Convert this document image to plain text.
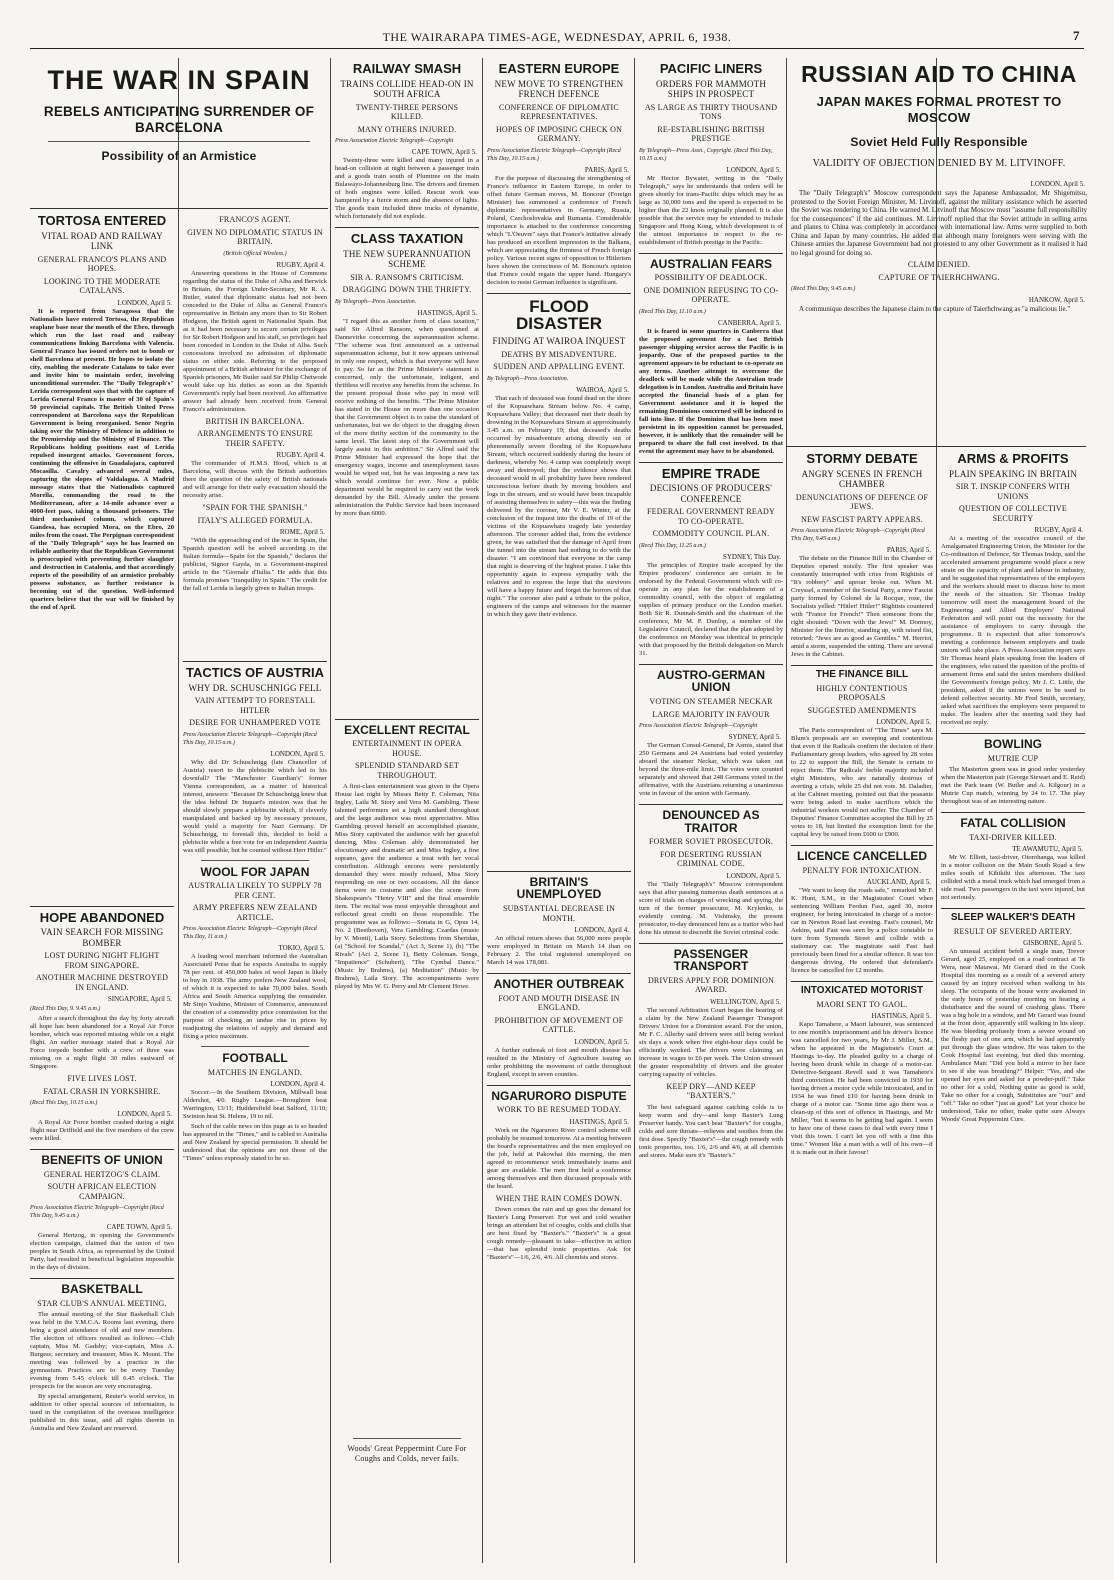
THE WAIRARAPA TIMES-AGE, WEDNESDAY, APRIL 6, 1938.	7
THE WAR IN SPAIN
REBELS ANTICIPATING SURRENDER OF BARCELONA
Possibility of an Armistice
TORTOSA ENTERED
VITAL ROAD AND RAILWAY LINK
GENERAL FRANCO'S PLANS AND HOPES.
LOOKING TO THE MODERATE CATALANS.
LONDON, April 5.

It is reported from Saragossa that the Nationalists have entered Tortosa, the Republican seaplane base near the mouth of the Ebro, through which run the last road and railway communications linking Barcelona with Valencia. General Franco has issued orders not to bomb or shell Barcelona at present. He hopes to isolate the city, enabling the moderate Catalans to take over and invite him to maintain order, involving unconditional surrender. The "Daily Telegraph's" Lerida correspondent says that with the capture of Lerida General Franco is master of 30 of Spain's 50 provincial capitals. The British United Press correspondent at Barcelona says the Republican Government is being reorganised. Senor Negrin taking over the Ministry of Defence in addition to the Premiership and the Ministry of Finance. The Republicans holding positions east of Lerida repulsed insurgent attacks. Government forces, continuing the offensive in Guadalajara, captured Mocasilla. Cavalry advanced several miles, capturing the slopes of Valdalagua. A Madrid message states that the Nationalists captured Morella, commanding the road to the Mediterranean, after a 14-mile advance over a 4000-feet pass, taking a thousand prisoners. The third mechanised column, which captured Gandesa, has occupied Mora, on the Ebro, 20 miles from the coast. The Perpignan correspondent of the "Daily Telegraph" says he has learned on reliable authority that the Republican Government is preoccupied with preventing further slaughter and destruction in Catalonia, and that accordingly reports of the possibility of an armistice probably possess substance, as further resistance is becoming out of the question. Well-informed quarters believe that the war will be finished by the end of April.

HOPE ABANDONED
VAIN SEARCH FOR MISSING BOMBER
LOST DURING NIGHT FLIGHT FROM SINGAPORE.
ANOTHER MACHINE DESTROYED IN ENGLAND.
SINGAPORE, April 5.
(Recd This Day, 9. 9.45 a.m.)

After a search throughout the day by forty aircraft all hope has been abandoned for a Royal Air Force bomber, which was reported missing while on a night flight. An earlier message stated that a Royal Air Force torpedo bomber with a crew of three was missing on a night flight 30 miles eastward of Singapore.

FIVE LIVES LOST.
FATAL CRASH IN YORKSHIRE.
(Recd This Day, 10.15 a.m.)
LONDON, April 5.

A Royal Air Force bomber crashed during a night flight near Driffield and the five members of the crew were killed.

BENEFITS OF UNION
GENERAL HERTZOG'S CLAIM.
SOUTH AFRICAN ELECTION CAMPAIGN.
Press Association Electric Telegraph—Copyright (Recd This Day, 9.45 a.m.)
CAPE TOWN, April 5.

General Hertzog, in opening the Government's election campaign, claimed that the union of two peoples in South Africa, as represented by the United Party, had resulted in beneficial legislation impossible in the days of division.

BASKETBALL
STAR CLUB'S ANNUAL MEETING.

The annual meeting of the Star Basketball Club was held in the Y.M.C.A. Rooms last evening, there being a good attendance of old and new members. The election of officers resulted as follows:—Club captain, Miss M. Gadsby; vice-captain, Miss A. Burgess; secretary and treasurer, Miss K. Mount. The meeting was followed by a practice in the gymnasium. Practices are to be every Tuesday evening from 5.45 o'clock till 6.45 o'clock. The prospects for the season are very encouraging.

By special arrangement, Reuter's world service, in addition to other special sources of information, is used in the compilation of the overseas intelligence published in this issue, and all rights therein in Australia and New Zealand are reserved.

FRANCO'S AGENT.
GIVEN NO DIPLOMATIC STATUS IN BRITAIN.
(British Official Wireless.)
RUGBY, April 4.

Answering questions in the House of Commons regarding the status of the Duke of Alba and Berwick in Britain, the Foreign Under-Secretary, Mr R. A. Butler, stated that diplomatic status had not been conceded to the Duke of Alba as General Franco's representative in Britain any more than to Sir Robert Hodgson, the British agent in Nationalist Spain. But as it had been necessary to secure certain privileges for Sir Robert Hodgson and his staff, so privileges had been conceded in London to the Duke of Alba. Such concessions involved no admission of diplomatic status on either side. Referring to the proposed appointment of a British arbitrator for the exchange of Spanish prisoners, Mr Butler said Sir Philip Chetwode would take up his duties as soon as the Spanish Government's reply had been received. An affirmative answer had already been received from General Franco's administration.

BRITISH IN BARCELONA.
ARRANGEMENTS TO ENSURE THEIR SAFETY.
RUGBY, April 4.

The commander of H.M.S. Hood, which is at Barcelona, will discuss with the British authorities there the question of the safety of British nationals and will arrange for their early evacuation should the necessity arise.

"SPAIN FOR THE SPANISH."
ITALY'S ALLEGED FORMULA.
ROME, April 5.

"With the approaching end of the war in Spain, the Spanish question will be solved according to the Italian formula—Spain for the Spanish," declares the publicist, Signor Gayda, in a Government-inspired article in the "Giornale d'Italia." He adds that this formula promises "tranquility in Spain." The credit for the fall of Lerida is largely given to Italian troops.

TACTICS OF AUSTRIA
WHY DR. SCHUSCHNIGG FELL
VAIN ATTEMPT TO FORESTALL HITLER
DESIRE FOR UNHAMPERED VOTE
Press Association Electric Telegraph—Copyright (Recd This Day, 10.15 a.m.)
LONDON, April 5.

Why did Dr Schuschnigg (late Chancellor of Austria) resort to the plebiscite which led to his downfall? The "Manchester Guardian's" former Vienna correspondent, as a matter of historical interest, answers: "Because Dr Schuschnigg knew that the idea behind Dr Inquart's mission was that he should slowly prepare a plebiscite which, if cleverly manipulated and backed up by necessary pressure, would yield a majority for Nazi Germany. Dr Schuschnigg, to forestall this, decided to hold a plebiscite while a free vote for an independent Austria was still possible, but he counted without Herr Hitler."

WOOL FOR JAPAN
AUSTRALIA LIKELY TO SUPPLY 78 PER CENT.
ARMY PREFERS NEW ZEALAND ARTICLE.
Press Association Electric Telegraph—Copyright (Recd This Day, 11 a.m.)
TOKIO, April 5.

A leading wool merchant informed the Australian Associated Press that he expects Australia to supply 78 per cent. of 450,000 bales of wool Japan is likely to buy in 1938. The army prefers New Zealand wool, of which it is expected to take 70,000 bales. South Africa and South America supplying the remainder. Mr Sinjo Yoshino, Minister of Commerce, announced the creation of a commodity price commission for the purpose of checking an undue rise in prices by readjusting the relations of supply and demand and fixing a price maximum.

FOOTBALL
MATCHES IN ENGLAND.
LONDON, April 4.

Soccer.—In the Southern Division, Millwall beat Aldershot, 4/0. Rugby League.—Broughton beat Warrington, 13/11; Huddersfield beat Salford, 11/10; Swinton beat St. Helens, 19 to nil.

Such of the cable news on this page as is so headed has appeared in the "Times," and is cabled to Australia and New Zealand by special permission. It should be understood that the opinions are not those of the "Times" unless expressly stated to be so.

RAILWAY SMASH
TRAINS COLLIDE HEAD-ON IN SOUTH AFRICA
TWENTY-THREE PERSONS KILLED.
MANY OTHERS INJURED.
Press Association Electric Telegraph—Copyright
CAPE TOWN, April 5.

Twenty-three were killed and many injured in a head-on collision at night between a passenger train and a goods train south of Plumtree on the main Bulawayo-Johannesburg line. The drivers and firemen of both engines were killed. Rescue work was hampered by a fierce storm and the absence of lights. The goods train included three trucks of dynamite, which fortunately did not explode.

CLASS TAXATION
THE NEW SUPERANNUATION SCHEME
SIR A. RANSOM'S CRITICISM.
DRAGGING DOWN THE THRIFTY.
By Telegraph—Press Association.
HASTINGS, April 5.

"I regard this as another form of class taxation," said Sir Alfred Ransom, when questioned at Dannevirke concerning the superannuation scheme. "The scheme was first announced as a universal superannuation scheme, but it now appears universal in only one respect, which is that everyone will have to pay. So far as the Prime Minister's statement is concerned, only the unfortunate, indigent, and thriftless will receive any benefits from the scheme. In the present proposal those who pay in most will receive nothing of the benefits. "The Prime Minister has stated in the House on more than one occasion that the Government object is to raise the standard of unfortunates, but we do object to the dragging down of the more thrifty section of the community to the same level. The latest step of the Government will largely assist in this ambition." Sir Alfred said the Prime Minister had expressed the hope that the emergency wages, income and unemployment taxes would be wiped out, but he was imposing a new tax which would continue for ever. Now a public department would be required to carry out the work demanded by the Bill. Already under the present administration the Public Service had been increased by more than 6000.

EXCELLENT RECITAL
ENTERTAINMENT IN OPERA HOUSE.
SPLENDID STANDARD SET THROUGHOUT.

A first-class entertainment was given in the Opera House last night by Misses Betty F. Coleman, Nita Ingley, Laila M. Story and Vera M. Gambling. These talented performers set a high standard throughout and the large audience was most appreciative. Miss Gambling proved herself an accomplished pianiste, Miss Story captivated the audience with her graceful dancing, Miss Coleman ably demonstrated her elocutionary and dramatic art and Miss Ingley, a fine soprano, gave the audience a treat with her vocal contribution. Although encores were persistently demanded they were mostly refused, Miss Story responding on one or two occasions. All the dance items were in costume and also the scene from Shakespeare's "Henry VIII" and the final ensemble item. The recital was most enjoyable throughout and reflected great credit on those responsible. The programme was as follows:—Sonata in G, Opus 14, No. 2 (Beethoven), Vera Gambling; Czardas (music by V. Monti), Laila Story. Selections from Sheridan, (a) "School for Scandal," (Act 3, Scene 1), (b) "The Rivals" (Act 2, Scene 1), Betty Coleman. Songs, "Impatience" (Schubert), "The Cymbal Dance." (Music by Brahms), (a) Meditation" (Music by Brahms), Laila Story. The accompaniments were played by Mrs W. G. Perry and Mr Clement Howe.

Woods' Great Peppermint Cure For Coughs and Colds, never fails.
EASTERN EUROPE
NEW MOVE TO STRENGTHEN FRENCH DEFENCE
CONFERENCE OF DIPLOMATIC REPRESENTATIVES.
HOPES OF IMPOSING CHECK ON GERMANY.
Press Association Electric Telegraph—Copyright (Recd This Day, 10.15 a.m.)
PARIS, April 5.

For the purpose of discussing the strengthening of France's influence in Eastern Europe, in order to offset future German moves, M. Boncour (Foreign Minister) has summoned a conference of French diplomatic representatives in Germany, Russia, Poland, Czechoslovakia and Rumania. Considerable importance is attached to the conference concerning which "L'Oeuvre" says that France's initiative already has produced an excellent impression in the Balkans, which are appreciating the firmness of French foreign policy. Various recent signs of opposition to Hitlerism have shown the correctness of M. Boncour's opinion that France could regain the upper hand. Hungary's decision to resist German influence is significant.

FLOOD DISASTER
FINDING AT WAIROA INQUEST
DEATHS BY MISADVENTURE.
SUDDEN AND APPALLING EVENT.
By Telegraph—Press Association.
WAIROA, April 5.

That each of deceased was found dead on the shore of the Kopuawhara Stream below No. 4 camp, Kopuawhara Valley; that deceased met their death by drowning in the Kopuawhara Stream at approximately 3.45 a.m. on February 19; that deceased's deaths occurred by misadventure arising directly out of phenomenally severe flooding of the Kopuawhara Stream, which occurred suddenly during the hours of darkness, whereby No. 4 camp was completely swept away and destroyed; that the evidence shows that deceased would in all probability have been rendered unconscious before death by moving boulders and logs in the stream, and so would have been incapable of assisting themselves to safety—this was the finding delivered by the coroner, Mr V. E. Winter, at the conclusion of the inquest into the deaths of 19 of the victims of the Kopuawhara tragedy late yesterday afternoon. The coroner added that, from the evidence given, he was satisfied that the damage of April from the tunnel into the stream had nothing to do with the disaster. "I am convinced that everyone in the camp that night is deserving of the highest praise. I take this opportunity again to express sympathy with the relatives and to express the hope that the survivors will have a happy future and forget the horrors of that night." The coroner also paid a tribute to the police, engineers of the camps and witnesses for the manner in which they gave their evidence.

BRITAIN'S UNEMPLOYED
SUBSTANTIAL DECREASE IN MONTH.
LONDON, April 4.

An official return shows that 56,000 more people were employed in Britain on March 14 than on February 2. The total registered unemployed on March 14 was 178,081.

ANOTHER OUTBREAK
FOOT AND MOUTH DISEASE IN ENGLAND.
PROHIBITION OF MOVEMENT OF CATTLE.
LONDON, April 5.

A further outbreak of foot and mouth disease has resulted in the Ministry of Agriculture issuing an order prohibiting the movement of cattle throughout England, except in seven counties.

NGARURORO DISPUTE
WORK TO BE RESUMED TODAY.
HASTINGS, April 5.

Work on the Ngaruroro River control scheme will probably be resumed tomorrow. At a meeting between the board's representatives and the men employed on the job, held at Pakowhai this morning, the men agreed to recommence work immediately teams and gear are available. The men first held a conference among themselves and then discussed proposals with the board.

WHEN THE RAIN COMES DOWN.

Down comes the rain and up goes the demand for Baxter's Lung Preserver. For wet and cold weather brings an attendant list of coughs, colds and chills that are best fixed by "Baxter's." "Baxter's" is a great cough remedy—pleasant to take—effective in action—that has splendid tonic properties. Ask for "Baxter's"—1/6, 2/6, 4/6. All chemists and stores.

PACIFIC LINERS
ORDERS FOR MAMMOTH SHIPS IN PROSPECT
AS LARGE AS THIRTY THOUSAND TONS
RE-ESTABLISHING BRITISH PRESTIGE
By Telegraph—Press Assn., Copyright. (Recd This Day, 10.15 a.m.)
LONDON, April 5.

Mr Hector Bywater, writing in the "Daily Telegraph," says he understands that orders will be given shortly for trans-Pacific ships which may be as large as 30,000 tons and the speed is expected to be higher than the 22 knots originally planned. It is also possible that the service may be extended to include Singapore and Hong Kong, which development is of the utmost importance in respect to the re-establishment of British prestige in the Pacific.

AUSTRALIAN FEARS
POSSIBILITY OF DEADLOCK.
ONE DOMINION REFUSING TO CO-OPERATE.
(Recd This Day, 11.10 a.m.)
CANBERRA, April 5.

It is feared in some quarters in Canberra that the proposed agreement for a fast British passenger shipping service across the Pacific is in jeopardy. One of the proposed parties to the agreement appears to be reluctant to co-operate on any terms. Another attempt to overcome the deadlock will be made while the Australian trade delegation is in London. Australia and Britain have accepted the financial basis of a plan for Government assistance and it is hoped the remaining Dominions concerned will be induced to fall into line. If the Dominion that has been most persistent in its opposition cannot be persuaded, however, it is unlikely that the remainder will be prepared to share the full cost involved. In that event the agreement may have to be abandoned.

EMPIRE TRADE
DECISIONS OF PRODUCERS' CONFERENCE
FEDERAL GOVERNMENT READY TO CO-OPERATE.
COMMODITY COUNCIL PLAN.
(Recd This Day, 11.25 a.m.)
SYDNEY, This Day.

The principles of Empire trade accepted by the Empire producers' conference are certain to be endorsed by the Federal Government which will co-operate in any plan for the establishment of a commodity council, with the object of regulating supplies of primary produce on the London market. Both Sir R. Dunnah-Smith and the chairman of the conference, Mr M. P. Dunlop, a member of the Legislative Council, declared that the plan adopted by the conference on Monday was identical in principle with that proposed by the British delegation on March 31.

AUSTRO-GERMAN UNION
VOTING ON STEAMER NECKAR
LARGE MAJORITY IN FAVOUR
Press Association Electric Telegraph—Copyright
SYDNEY, April 5.

The German Consul-General, Dr Asmis, stated that 250 Germans and 24 Austrians had voted yesterday aboard the steamer Neckar, which was taken out beyond the three-mile limit. The votes were counted separately and showed that 248 Germans voted in the affirmative, with the Austrians returning a unanimous vote in favour of the union with Germany.

DENOUNCED AS TRAITOR
FORMER SOVIET PROSECUTOR.
FOR DESERTING RUSSIAN CRIMINAL CODE.
LONDON, April 5.

The "Daily Telegraph's" Moscow correspondent says that after passing numerous death sentences at a score of trials on charges of wrecking and spying, the turn of the former prosecutor, M. Krylenko, is evidently coming. M. Vishinsky, the present prosecutor, to-day denounced him as a traitor who had done his utmost to discredit the Soviet criminal code.

PASSENGER TRANSPORT
DRIVERS APPLY FOR DOMINION AWARD.
WELLINGTON, April 5.

The second Arbitration Court began the hearing of a claim by the New Zealand Passenger Transport Drivers' Union for a Dominion award. For the union, Mr F. C. Allerby said drivers were still being worked six days a week when five eight-hour days could be efficiently worked. The drivers were claiming an increase in wages to £6 per week. The Union stressed the greater responsibility of drivers and the greater carrying capacity of vehicles.

KEEP DRY—AND KEEP "BAXTER'S."

The best safeguard against catching colds is to keep warm and dry—and keep Baxter's Lung Preserver handy. You can't beat "Baxter's" for coughs, colds and sore throats—relieves and soothes from the first dose. Specify "Baxter's"—the cough remedy with tonic properties, too. 1/6, 2/6 and 4/6, at all chemists and stores. Make sure it's "Baxter's."

RUSSIAN AID TO CHINA
JAPAN MAKES FORMAL PROTEST TO MOSCOW
Soviet Held Fully Responsible
VALIDITY OF OBJECTION DENIED BY M. LITVINOFF.
LONDON, April 5.

The "Daily Telegraph's" Moscow correspondent says the Japanese Ambassador, Mr Shigemitsu, protested to the Soviet Foreign Minister, M. Litvinoff, against the military assistance which he asserted the Soviet was rendering to China. He warned M. Litvinoff that Moscow must "assume full responsibility for the consequences" if the aid continues. M. Litvinoff replied that the Soviet attitude in selling arms and planes to China was completely in accordance with international law. Arms were supplied to both China and Japan by many countries. He added that although many foreigners were serving with the Chinese armies the Japanese Government had not protested to any other Government as it realised it had no legal ground for doing so.

CLAIM DENIED.
CAPTURE OF TAIERHCHWANG.
(Recd This Day, 9.45 a.m.)
HANKOW, April 5.

A communique describes the Japanese claim to the capture of Taierhchwang as "a malicious lie."

STORMY DEBATE
ANGRY SCENES IN FRENCH CHAMBER
DENUNCIATIONS OF DEFENCE OF JEWS.
NEW FASCIST PARTY APPEARS.
Press Association Electric Telegraph—Copyright (Recd This Day, 9.45 a.m.)
PARIS, April 5.

The debate on the Finance Bill in the Chamber of Deputies opened noisily. The first speaker was constantly interrupted with cries from Rightists of "It's robbery" and uproar broke out. When M. Creyssel, a member of the Social Party, a new Fascist party formed by Colonel de la Rocque, rose, the Socialists yelled: "Hitler! Hitler!" Rightists countered with "France for French!" Then someone from the right shouted: "Down with the Jews!" M. Dormoy, Minister for the Interior, standing up, with raised fist, retorted: "Jews are as good as Gentiles." M. Herriot, amid a storm, suspended the sitting. There are several Jews in the Cabinet.

THE FINANCE BILL
HIGHLY CONTENTIOUS PROPOSALS
SUGGESTED AMENDMENTS
LONDON, April 5.

The Paris correspondent of "The Times" says M. Blum's proposals are so sweeping and contentious that even if the Radicals confirm the decision of their Parliamentary group leaders, who agreed by 28 votes to 22 to support the Bill, the Senate is certain to reject them. The Radicals' feeble majority included eight Ministers, who are naturally desirous of averting a crisis, while 25 did not vote. M. Daladier, at the Cabinet meeting, pointed out that the peasants were being asked to make sacrifices which the industrial workers would not suffer. The Chamber of Deputies' Finance Committee accepted the Bill by 25 votes to 18, but limited the exemption limit for the capital levy be raised from £600 to £900.

LICENCE CANCELLED
PENALTY FOR INTOXICATION.
AUCKLAND, April 5.

"We want to keep the roads safe," remarked Mr F. K. Hunt, S.M., in the Magistrates' Court when sentencing William Ferdun Fast, aged 30, motor engineer, for being intoxicated in charge of a motor-car in Newton Road last evening. Fast's counsel, Mr Aekins, said Fast was seen by a police constable to turn from Symonds Street and collide with a stationary car. The magistrate said Fast had previously been fined for a similar offence. It was too dangerous driving. He ordered that defendant's licence be cancelled for 12 months.

INTOXICATED MOTORIST
MAORI SENT TO GAOL.
HASTINGS, April 5.

Kapo Tamahere, a Maori labourer, was sentenced to one month's imprisonment and his driver's licence was cancelled for two years, by Mr J. Miller, S.M., when he appeared in the Magistrate's Court at Hastings to-day. He pleaded guilty to a charge of having been drunk while in charge of a motor-car. Detective-Sergeant Revell said it was Tamahere's third conviction. He had been convicted in 1930 for having driven a motor cycle while intoxicated, and in 1934 he was fined £10 for having been drunk in charge of a motor car. "Some time ago there was a clean-up of this sort of offence in Hastings, and Mr Miller, "but it seems to be getting bad again. I seem to have one of these cases to deal with every time I visit this town. I can't let you off with a fine this time." Women like a man with a will of his own—if it is made out in their favour!

ARMS & PROFITS
PLAIN SPEAKING IN BRITAIN
SIR T. INSKIP CONFERS WITH UNIONS
QUESTION OF COLLECTIVE SECURITY
RUGBY, April 4.

At a meeting of the executive council of the Amalgamated Engineering Union, the Minister for the Co-ordination of Defence, Sir Thomas Inskip, said the accelerated armament programme would place a new strain on the capacity of plant and labour in industry, and he suggested that representatives of the employers and the workers should meet to discuss how to meet the needs of the situation. Sir Thomas Inskip tomorrow will meet the management board of the Engineering and Allied Employers' National Federation and will point out the necessity for the assistance of employers to carry through the programme. It is expected that after tomorrow's meeting a conference between employers and trade unions will take place. A Press Association report says Sir Thomas heard plain speaking from the leaders of the engineers, who raised the question of the profits of armament firms and said the union members disliked the Government's foreign policy. Mr J. C. Little, the president, asked if the unions were to be used to defend collective security. Mr Fred Smith, secretary, asked what sacrifices the employers were prepared to make. The leaders after the meeting said they had received no reply.

BOWLING
MUTRIE CUP

The Masterton green was in good order yesterday when the Masterton pair (George Stewart and E. Reid) met the Park team (W. Butler and A. Kilgour) in a Mutrie Cup match, winning by 24 to 17. The play throughout was of an interesting nature.

FATAL COLLISION
TAXI-DRIVER KILLED.
TE AWAMUTU, April 5.

Mr W. Elliott, taxi-driver, Otorohanga, was killed in a motor collision on the Main South Road a few miles south of Kihikihi this afternoon. The taxi collided with a metal truck which had emerged from a side road. Two passengers in the taxi were injured, but not seriously.

SLEEP WALKER'S DEATH
RESULT OF SEVERED ARTERY.
GISBORNE, April 5.

An unusual accident befell a single man, Trevor Gerard, aged 25, employed on a road contract at Te Wera, near Matawai. Mr Gerard died in the Cook Hospital this morning as a result of a severed artery caused by an injury received when walking in his sleep. The occupants of the house were awakened in the early hours of yesterday morning on hearing a disturbance and the sound of crashing glass. There was a big hole in a window, and Mr Gerard was found at the front door, apparently still walking in his sleep. He was bleeding profusely from a severe wound on the fleshy part of one arm, which he had apparently put through the glass window. He was taken to the Cook Hospital last evening, but died this morning. Ambulance Man: "Did you hold a mirror to her face to see if she was breathing?" Helper: "Yes, and she opened her eyes and asked for a powder-puff." Take no other for a cold, Nothing quite as good is sold, Take no other for a cough, Substitutes are "out" and "off." Take no other "just as good" Let your choice be understood, Take no other, make quite sure Always Woods' Great Peppermint Cure.
